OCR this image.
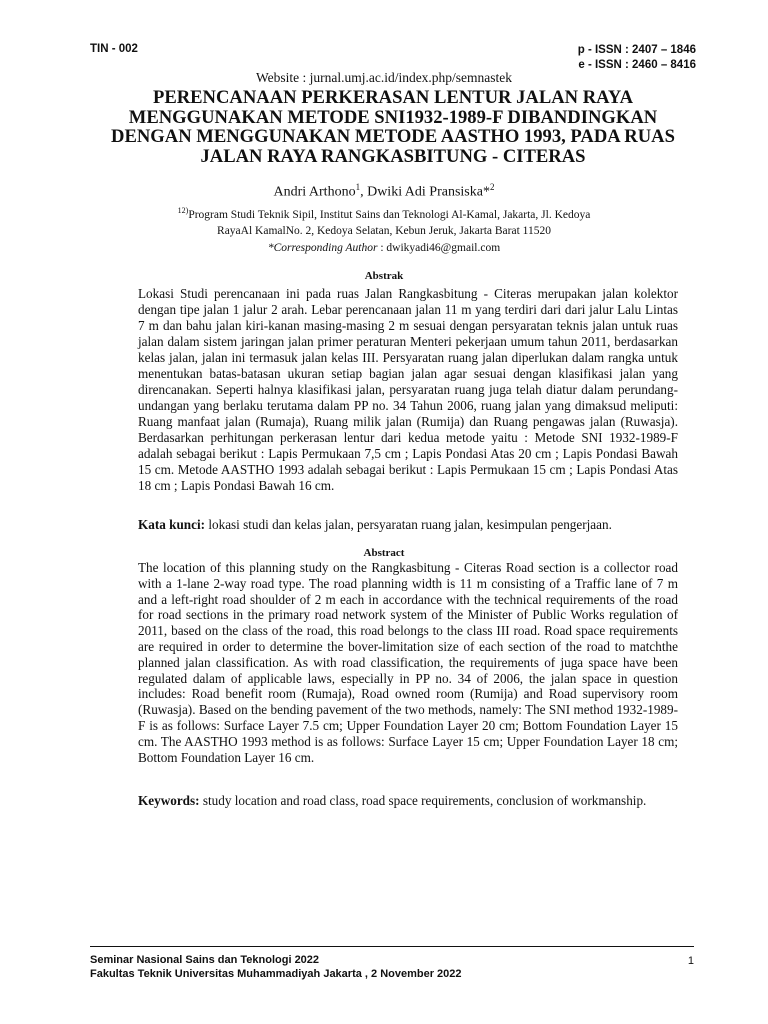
TIN - 002	p - ISSN : 2407 – 1846
e - ISSN : 2460 – 8416
Website : jurnal.umj.ac.id/index.php/semnastek
PERENCANAAN PERKERASAN LENTUR JALAN RAYA
MENGGUNAKAN METODE SNI1932-1989-F DIBANDINGKAN
DENGAN MENGGUNAKAN METODE AASTHO 1993, PADA RUAS
JALAN RAYA RANGKASBITUNG - CITERAS
Andri Arthono$^1$, Dwiki Adi Pransiska*$^2$
$^{12)}$Program Studi Teknik Sipil, Institut Sains dan Teknologi Al-Kamal, Jakarta, Jl. Kedoya
RayaAl KamalNo. 2, Kedoya Selatan, Kebun Jeruk, Jakarta Barat 11520
*Corresponding Author : dwikyadi46@gmail.com
Abstrak

Lokasi Studi perencanaan ini pada ruas Jalan Rangkasbitung - Citeras merupakan jalan kolektor dengan tipe jalan 1 jalur 2 arah. Lebar perencanaan jalan 11 m yang terdiri dari dari jalur Lalu Lintas 7 m dan bahu jalan kiri-kanan masing-masing 2 m sesuai dengan persyaratan teknis jalan untuk ruas jalan dalam sistem jaringan jalan primer peraturan Menteri pekerjaan umum tahun 2011, berdasarkan kelas jalan, jalan ini termasuk jalan kelas III. Persyaratan ruang jalan diperlukan dalam rangka untuk menentukan batas-batasan ukuran setiap bagian jalan agar sesuai dengan klasifikasi jalan yang direncanakan. Seperti halnya klasifikasi jalan, persyaratan ruang juga telah diatur dalam perundang-undangan yang berlaku terutama dalam PP no. 34 Tahun 2006, ruang jalan yang dimaksud meliputi: Ruang manfaat jalan (Rumaja), Ruang milik jalan (Rumija) dan Ruang pengawas jalan (Ruwasja). Berdasarkan perhitungan perkerasan lentur dari kedua metode yaitu : Metode SNI 1932-1989-F adalah sebagai berikut : Lapis Permukaan 7,5 cm ; Lapis Pondasi Atas 20 cm ; Lapis Pondasi Bawah 15 cm. Metode AASTHO 1993 adalah sebagai berikut : Lapis Permukaan 15 cm ; Lapis Pondasi Atas 18 cm ; Lapis Pondasi Bawah 16 cm.

Kata kunci: lokasi studi dan kelas jalan, persyaratan ruang jalan, kesimpulan pengerjaan.
Abstract

The location of this planning study on the Rangkasbitung - Citeras Road section is a collector road with a 1-lane 2-way road type. The road planning width is 11 m consisting of a Traffic lane of 7 m and a left-right road shoulder of 2 m each in accordance with the technical requirements of the road for road sections in the primary road network system of the Minister of Public Works regulation of 2011, based on the class of the road, this road belongs to the class III road. Road space requirements are required in order to determine the bover-limitation size of each section of the road to matchthe planned jalan classification. As with road classification, the requirements of juga space have been regulated dalam of applicable laws, especially in PP no. 34 of 2006, the jalan space in question includes: Road benefit room (Rumaja), Road owned room (Rumija) and Road supervisory room (Ruwasja). Based on the bending pavement of the two methods, namely: The SNI method 1932-1989-F is as follows: Surface Layer 7.5 cm; Upper Foundation Layer 20 cm; Bottom Foundation Layer 15 cm. The AASTHO 1993 method is as follows: Surface Layer 15 cm; Upper Foundation Layer 18 cm; Bottom Foundation Layer 16 cm.

Keywords: study location and road class, road space requirements, conclusion of workmanship.
Seminar Nasional Sains dan Teknologi 2022
Fakultas Teknik Universitas Muhammadiyah Jakarta , 2 November 2022
1
